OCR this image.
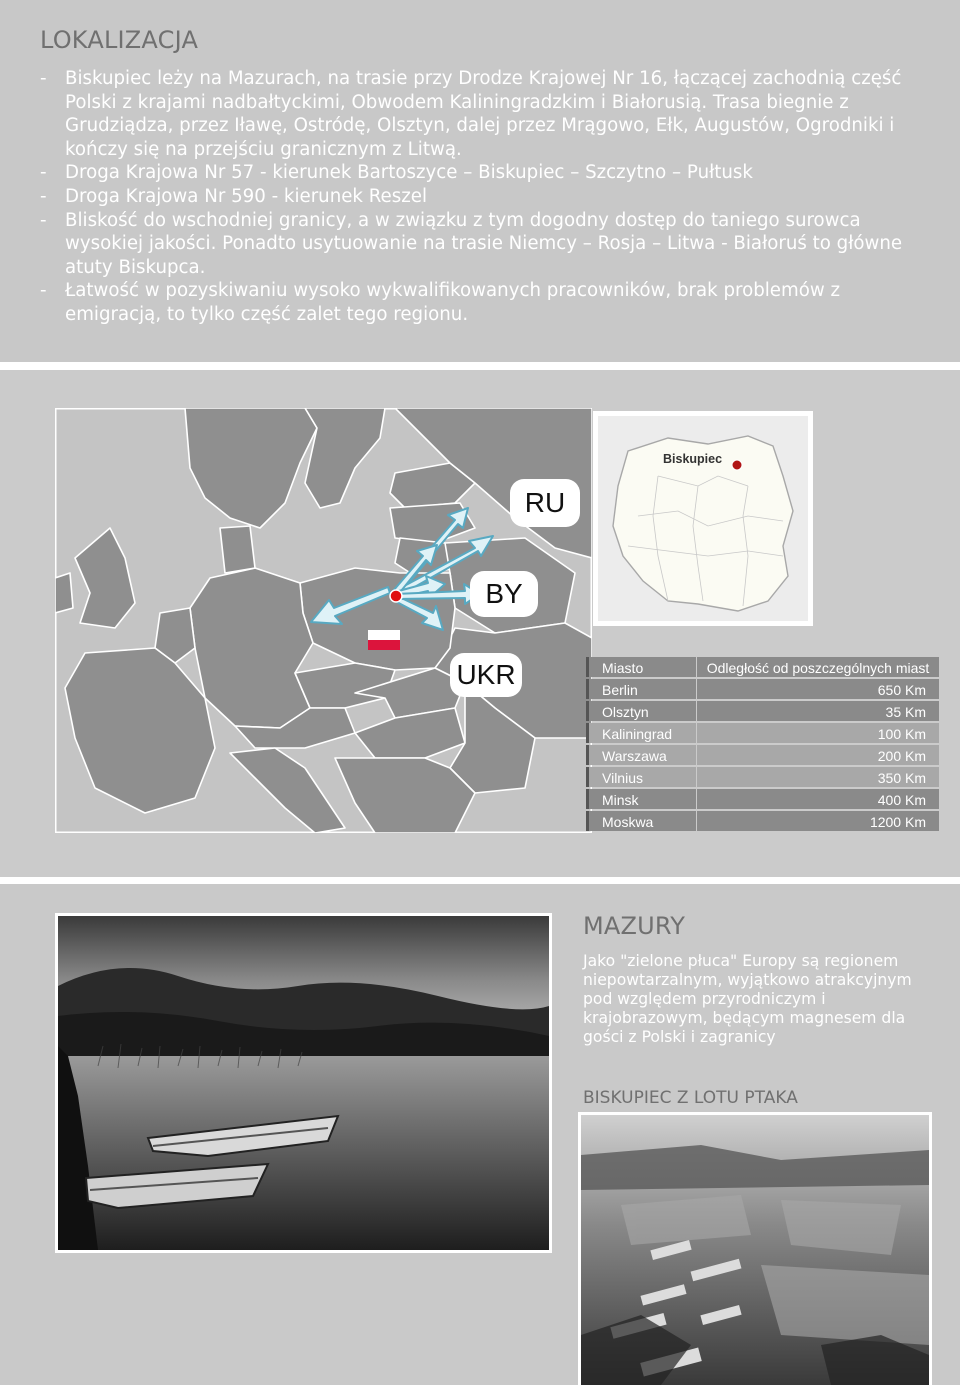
LOKALIZACJA
- Biskupiec leży na Mazurach, na trasie przy Drodze Krajowej Nr 16, łączącej zachodnią część Polski z krajami nadbałtyckimi, Obwodem Kaliningradzkim i Białorusią. Trasa biegnie z Grudziądza, przez Iławę, Ostródę, Olsztyn, dalej przez Mrągowo, Ełk, Augustów, Ogrodniki i kończy się na przejściu granicznym z Litwą.
- Droga Krajowa Nr 57 - kierunek Bartoszyce – Biskupiec – Szczytno – Pułtusk
- Droga Krajowa Nr 590 - kierunek Reszel
- Bliskość do wschodniej granicy, a w związku z tym dogodny dostęp do taniego surowca wysokiej jakości. Ponadto usytuowanie na trasie Niemcy – Rosja – Litwa - Białoruś to główne atuty Biskupca.
- Łatwość w pozyskiwaniu wysoko wykwalifikowanych pracowników, brak problemów z emigracją, to tylko część zalet tego regionu.
RU
BY
UKR
Biskupiec
Miasto	Odległość od poszczególnych miast
Berlin	650 Km
Olsztyn	35 Km
Kaliningrad	100 Km
Warszawa	200 Km
Vilnius	350 Km
Minsk	400 Km
Moskwa	1200 Km
MAZURY

Jako "zielone płuca" Europy są regionem niepowtarzalnym, wyjątkowo atrakcyjnym pod względem przyrodniczym i krajobrazowym, będącym magnesem dla gości z Polski i zagranicy

BISKUPIEC Z LOTU PTAKA
